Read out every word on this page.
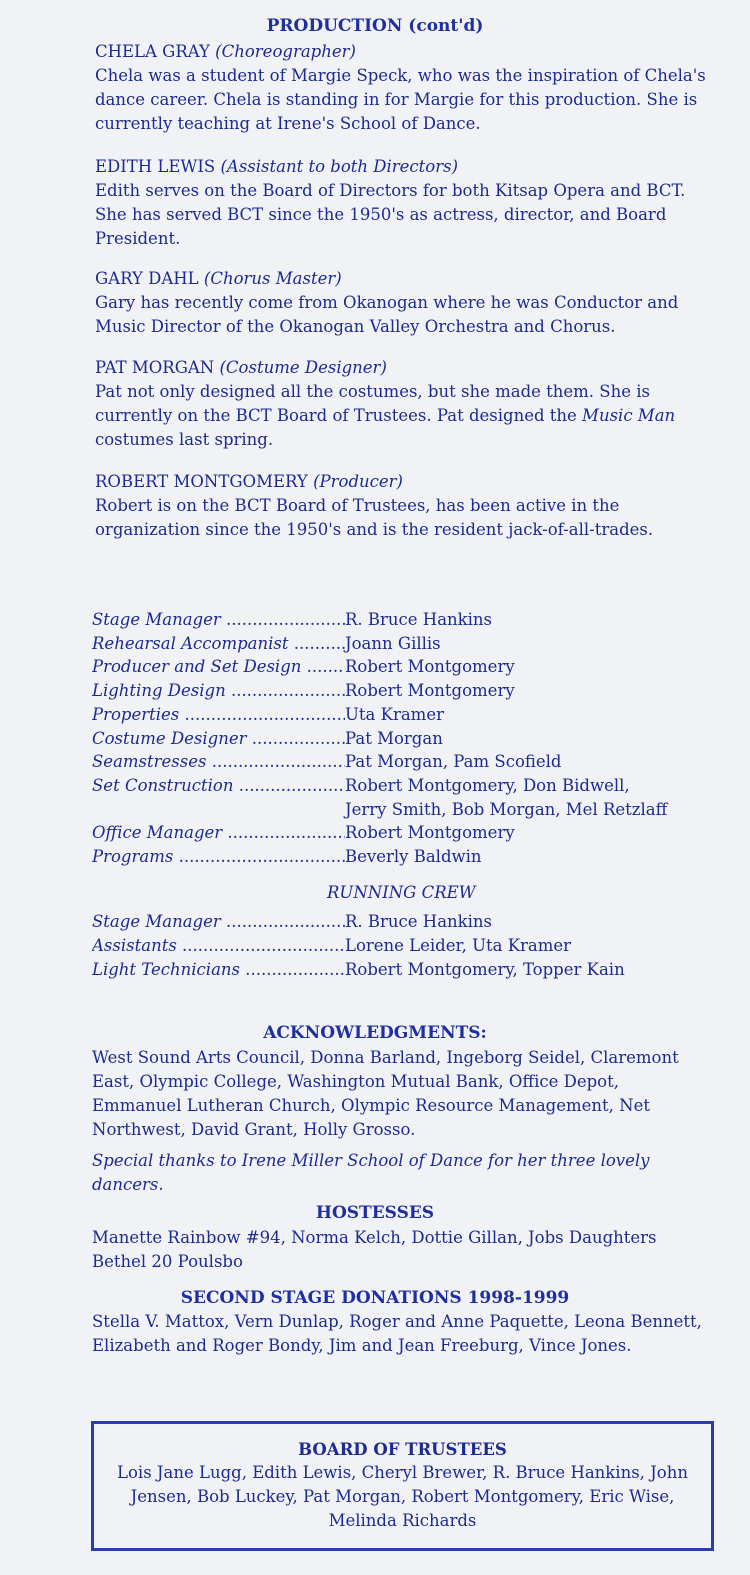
PRODUCTION (cont'd)
CHELA GRAY (Choreographer)
Chela was a student of Margie Speck, who was the inspiration of Chela's dance career. Chela is standing in for Margie for this production. She is currently teaching at Irene's School of Dance.
EDITH LEWIS (Assistant to both Directors)
Edith serves on the Board of Directors for both Kitsap Opera and BCT. She has served BCT since the 1950's as actress, director, and Board President.
GARY DAHL (Chorus Master)
Gary has recently come from Okanogan where he was Conductor and Music Director of the Okanogan Valley Orchestra and Chorus.
PAT MORGAN (Costume Designer)
Pat not only designed all the costumes, but she made them. She is currently on the BCT Board of Trustees. Pat designed the Music Man costumes last spring.
ROBERT MONTGOMERY (Producer)
Robert is on the BCT Board of Trustees, has been active in the organization since the 1950's and is the resident jack-of-all-trades.
Stage Manager .....	R. Bruce Hankins
Rehearsal Accompanist .....	Joann Gillis
Producer and Set Design .....	Robert Montgomery
Lighting Design .....	Robert Montgomery
Properties .....	Uta Kramer
Costume Designer .....	Pat Morgan
Seamstresses .....	Pat Morgan, Pam Scofield
Set Construction .....	Robert Montgomery, Don Bidwell,
Jerry Smith, Bob Morgan, Mel Retzlaff
Office Manager .....	Robert Montgomery
Programs .....	Beverly Baldwin
RUNNING CREW
Stage Manager .....	R. Bruce Hankins
Assistants .....	Lorene Leider, Uta Kramer
Light Technicians .....	Robert Montgomery, Topper Kain
ACKNOWLEDGMENTS:
West Sound Arts Council, Donna Barland, Ingeborg Seidel, Claremont East, Olympic College, Washington Mutual Bank, Office Depot, Emmanuel Lutheran Church, Olympic Resource Management, Net Northwest, David Grant, Holly Grosso.
Special thanks to Irene Miller School of Dance for her three lovely dancers.
HOSTESSES
Manette Rainbow #94, Norma Kelch, Dottie Gillan, Jobs Daughters Bethel 20 Poulsbo
SECOND STAGE DONATIONS 1998-1999
Stella V. Mattox, Vern Dunlap, Roger and Anne Paquette, Leona Bennett, Elizabeth and Roger Bondy, Jim and Jean Freeburg, Vince Jones.
BOARD OF TRUSTEES
Lois Jane Lugg, Edith Lewis, Cheryl Brewer, R. Bruce Hankins, John Jensen, Bob Luckey, Pat Morgan, Robert Montgomery, Eric Wise, Melinda Richards
